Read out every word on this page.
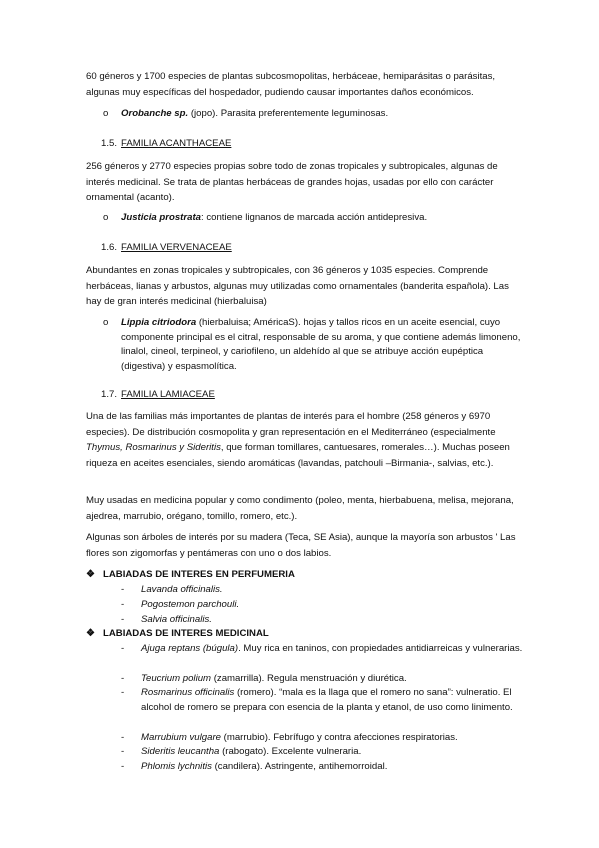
60 géneros y 1700 especies de plantas subcosmopolitas, herbáceae, hemiparásitas o parásitas, algunas muy específicas del hospedador, pudiendo causar importantes daños económicos.

o	Orobanche sp. (jopo). Parasita preferentemente leguminosas.

1.5. FAMILIA ACANTHACEAE

256 géneros y 2770 especies propias sobre todo de zonas tropicales y subtropicales, algunas de interés medicinal. Se trata de plantas herbáceas de grandes hojas, usadas por ello con carácter ornamental (acanto).

o	Justicia prostrata: contiene lignanos de marcada acción antidepresiva.

1.6. FAMILIA VERVENACEAE

Abundantes en zonas tropicales y subtropicales, con 36 géneros y 1035 especies. Comprende herbáceas, lianas y arbustos, algunas muy utilizadas como ornamentales (banderita española). Las hay de gran interés medicinal (hierbaluisa)

o	Lippia citriodora (hierbaluisa; AméricaS). hojas y tallos ricos en un aceite esencial, cuyo componente principal es el citral, responsable de su aroma, y que contiene además limoneno, linalol, cineol, terpineol, y cariofileno, un aldehído al que se atribuye acción eupéptica (digestiva) y espasmolítica.

1.7. FAMILIA LAMIACEAE

Una de las familias más importantes de plantas de interés para el hombre (258 géneros y 6970 especies). De distribución cosmopolita y gran representación en el Mediterráneo (especialmente Thymus, Rosmarinus y Sideritis, que forman tomillares, cantuesares, romerales…). Muchas poseen riqueza en aceites esenciales, siendo aromáticas (lavandas, patchouli –Birmania-, salvias, etc.).

Muy usadas en medicina popular y como condimento (poleo, menta, hierbabuena, melisa, mejorana, ajedrea, marrubio, orégano, tomillo, romero, etc.).

Algunas son árboles de interés por su madera (Teca, SE Asia), aunque la mayoría son arbustos ' Las flores son zigomorfas y pentámeras con uno o dos labios.

❖ LABIADAS DE INTERES EN PERFUMERIA
- Lavanda officinalis.

- Pogostemon parchouli.

- Salvia officinalis.

❖ LABIADAS DE INTERES MEDICINAL
- Ajuga reptans (búgula). Muy rica en taninos, con propiedades antidiarreicas y vulnerarias.

- Teucrium polium (zamarrilla). Regula menstruación y diurética.

- Rosmarinus officinalis (romero). “mala es la llaga que el romero no sana”: vulneratio. El alcohol de romero se prepara con esencia de la planta y etanol, de uso como linimento.

- Marrubium vulgare (marrubio). Febrífugo y contra afecciones respiratorias.

- Sideritis leucantha (rabogato). Excelente vulneraria.

- Phlomis lychnitis (candilera). Astringente, antihemorroidal.
